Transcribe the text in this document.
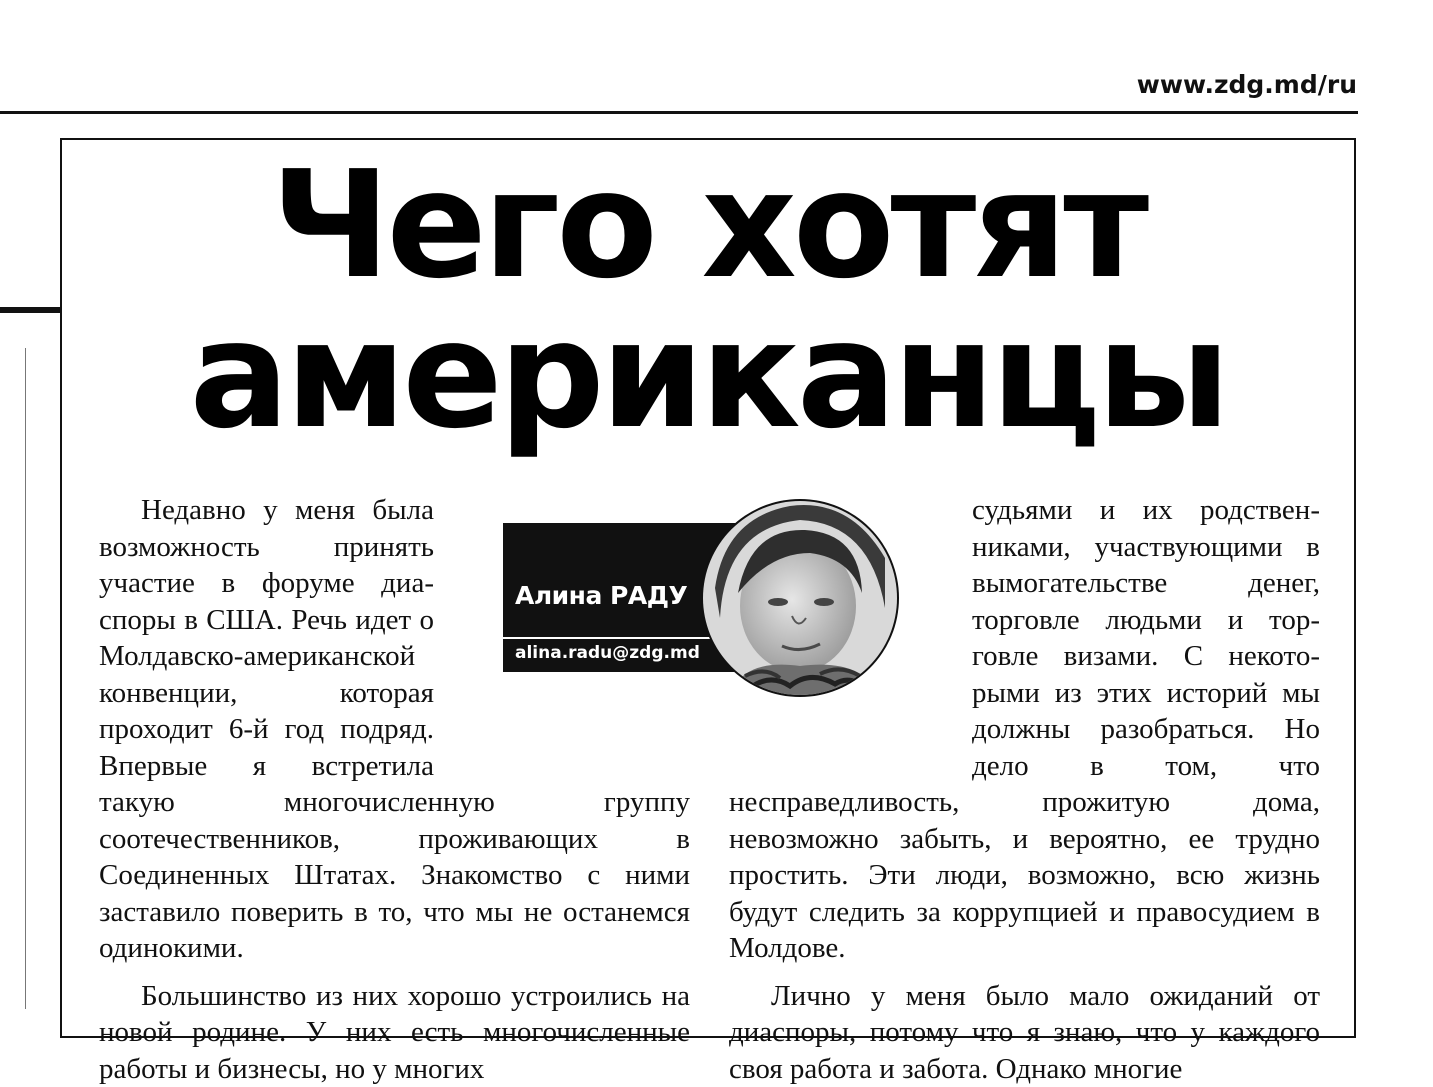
www.zdg.md/ru
Чего хотят
американцы

Недавно у меня была возможность принять участие в форуме диаспоры в США. Речь идет о Молдавско-американской конвенции, которая проходит 6-й год подряд. Впервые я встретила такую многочисленную группу соотечественников, проживающих в Соединенных Штатах. Знакомство с ними заставило поверить в то, что мы не останемся одинокими.

Большинство из них хорошо устроились на новой родине. У них есть многочисленные работы и бизнесы, но у многих

судьями и их родственниками, участвующими в вымогательстве денег, торговле людьми и торговле визами. С некоторыми из этих историй мы должны разобраться. Но дело в том, что несправедливость, прожитую дома, невозможно забыть, и вероятно, ее трудно простить. Эти люди, возможно, всю жизнь будут следить за коррупцией и правосудием в Молдове.

Лично у меня было мало ожиданий от диаспоры, потому что я знаю, что у каждого своя работа и забота. Однако многие

Алина РАДУ
alina.radu@zdg.md
